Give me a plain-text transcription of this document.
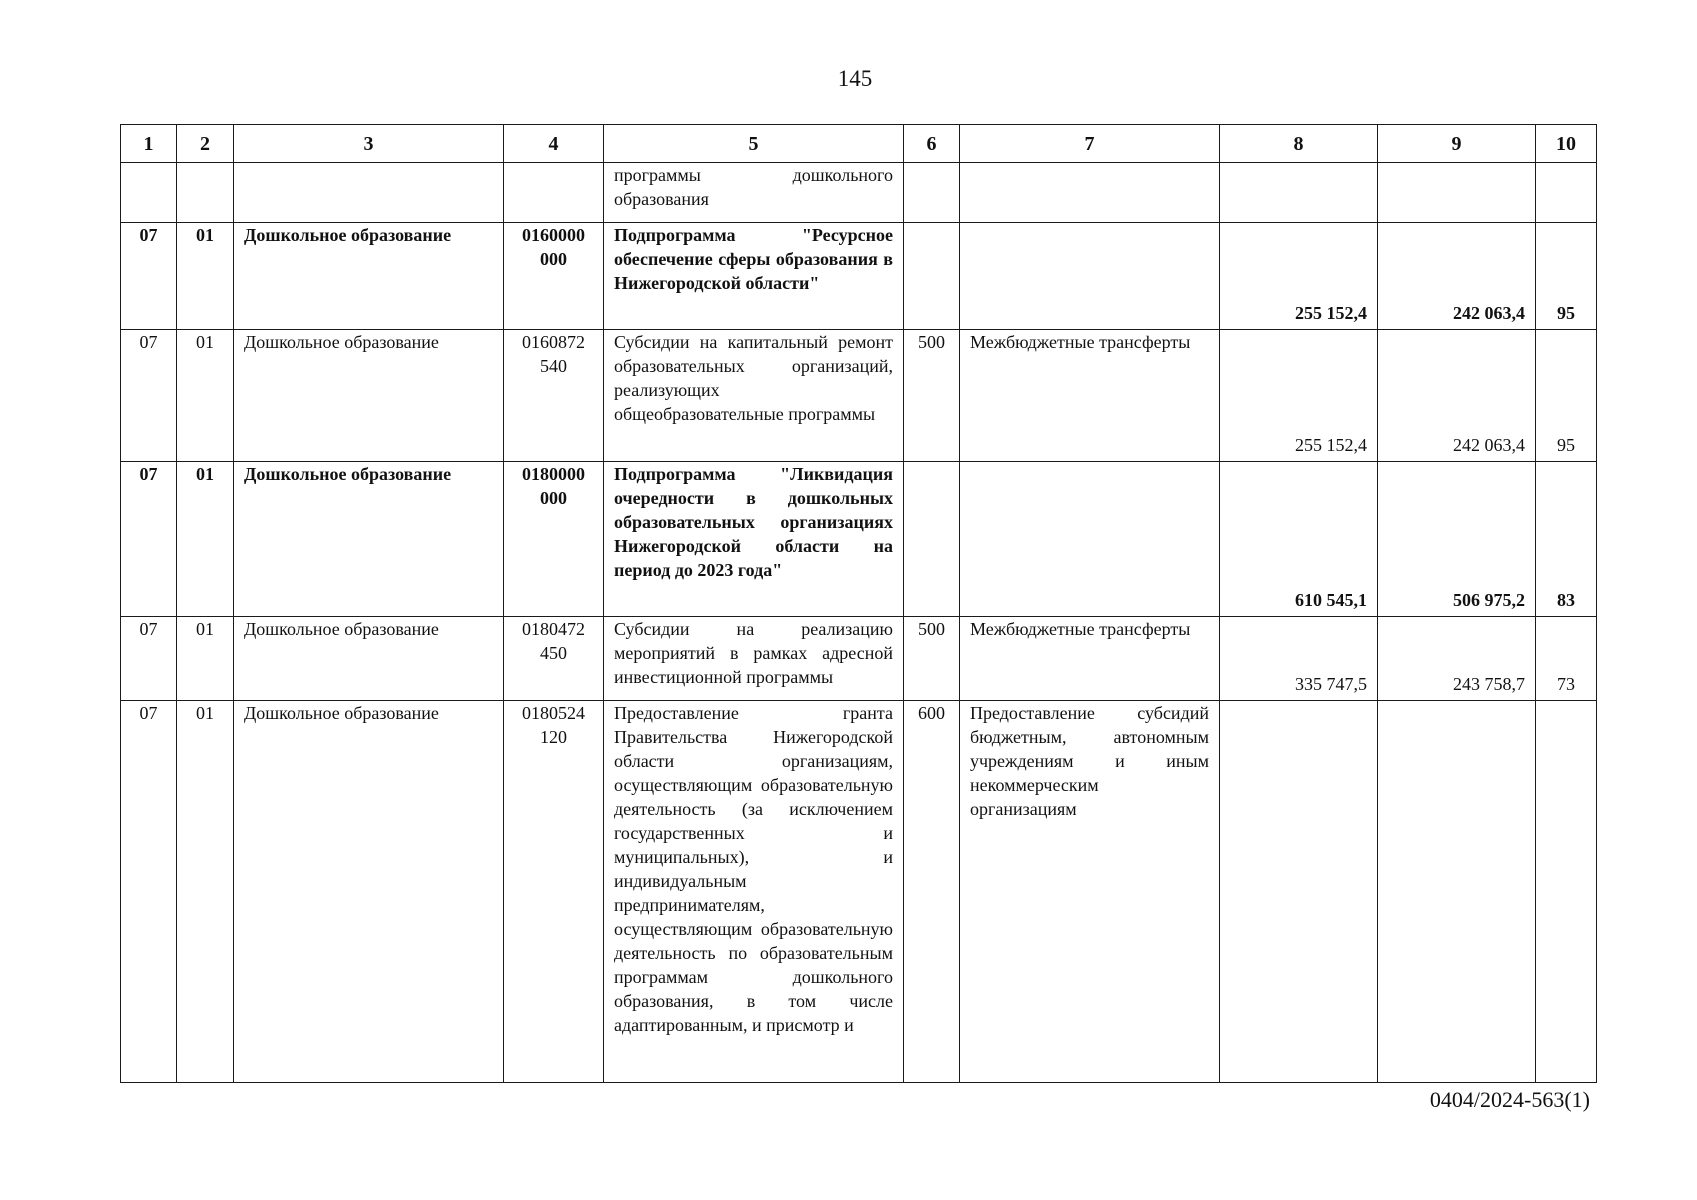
145
1	2	3	4	5	6	7	8	9	10
				программы дошкольного образования					
07	01	Дошкольное образование	0160000 000	Подпрограмма "Ресурсное обеспечение сферы образования в Нижегородской области"			255 152,4	242 063,4	95
07	01	Дошкольное образование	0160872 540	Субсидии на капитальный ремонт образовательных организаций, реализующих общеобразовательные программы	500	Межбюджетные трансферты	255 152,4	242 063,4	95
07	01	Дошкольное образование	0180000 000	Подпрограмма "Ликвидация очередности в дошкольных образовательных организациях Нижегородской области на период до 2023 года"			610 545,1	506 975,2	83
07	01	Дошкольное образование	0180472 450	Субсидии на реализацию мероприятий в рамках адресной инвестиционной программы	500	Межбюджетные трансферты	335 747,5	243 758,7	73
07	01	Дошкольное образование	0180524 120	Предоставление гранта Правительства Нижегородской области организациям, осуществляющим образовательную деятельность (за исключением государственных и муниципальных), и индивидуальным предпринимателям, осуществляющим образовательную деятельность по образовательным программам дошкольного образования, в том числе адаптированным, и присмотр и	600	Предоставление субсидий бюджетным, автономным учреждениям и иным некоммерческим организациям			
0404/2024-563(1)
